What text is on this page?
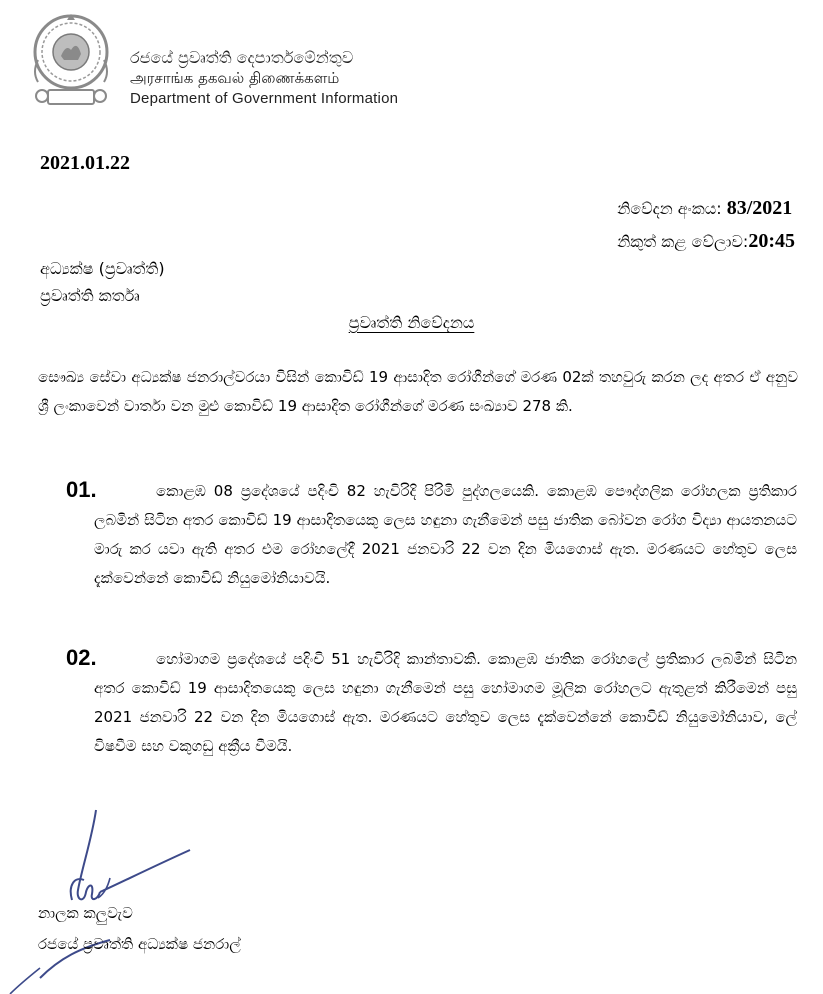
රජයේ ප්‍රවෘත්ති දෙපාර්තමේන්තුව
அரசாங்க தகவல் திணைக்களம்
Department of Government Information
2021.01.22
නිවේදන අංකය: 83/2021
නිකුත් කළ වේලාව:20:45
අධ්‍යක්ෂ (ප්‍රවෘත්ති)
ප්‍රවෘත්ති කර්තෘ
ප්‍රවෘත්ති නිවේදනය
සෞඛ්‍ය සේවා අධ්‍යක්ෂ ජනරාල්වරයා විසින් කොවිඩ් 19 ආසාදිත රෝගීන්ගේ මරණ 02ක් තහවුරු කරන ලද අතර ඒ අනුව ශ්‍රී ලංකාවෙන් වාර්තා වන මුළු කොවිඩ් 19 ආසාදිත රෝගීන්ගේ මරණ සංඛ්‍යාව 278 කි.
01.	කොළඹ 08 ප්‍රදේශයේ පදිංචි 82 හැවිරිදි පිරිමි පුද්ගලයෙකි. කොළඹ පෞද්ගලික රෝහලක ප්‍රතිකාර ලබමින් සිටින අතර කොවිඩ් 19 ආසාදිතයෙකු ලෙස හඳුනා ගැනීමෙන් පසු ජාතික බෝවන රෝග විද්‍යා ආයතනයට මාරු කර යවා ඇති අතර එම රෝහලේදී 2021 ජනවාරි 22 වන දින මියගොස් ඇත. මරණයට හේතුව ලෙස දැක්වෙන්නේ කොවිඩ් නියුමෝනියාවයි.
02.	හෝමාගම ප්‍රදේශයේ පදිංචි 51 හැවිරිදි කාන්තාවකි. කොළඹ ජාතික රෝහලේ ප්‍රතිකාර ලබමින් සිටින අතර කොවිඩ් 19 ආසාදිතයෙකු ලෙස හඳුනා ගැනීමෙන් පසු හෝමාගම මූලික රෝහලට ඇතුළත් කිරීමෙන් පසු 2021 ජනවාරි 22 වන දින මියගොස් ඇත. මරණයට හේතුව ලෙස දැක්වෙන්නේ කොවිඩ් නියුමෝනියාව, ලේ විෂවීම සහ වකුගඩු අක්‍රීය වීමයි.
නාලක කලුවැව
රජයේ ප්‍රවෘත්ති අධ්‍යක්ෂ ජනරාල්
